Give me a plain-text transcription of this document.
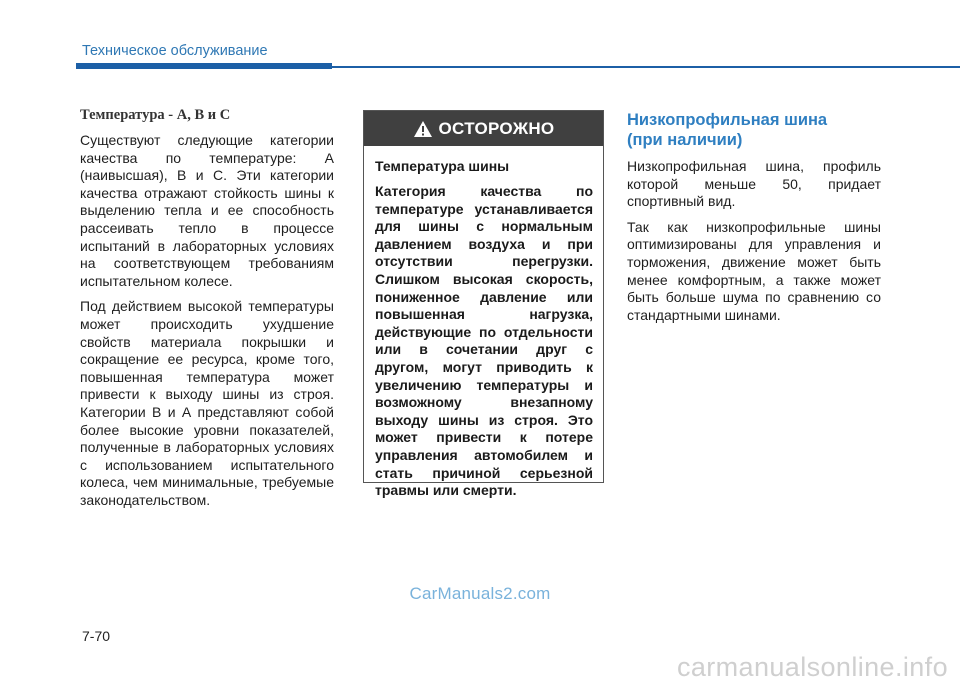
Техническое обслуживание

Температура - А, В и С

Существуют следующие категории качества по температуре: А (наивысшая), В и С. Эти категории качества отражают стойкость шины к выделению тепла и ее способность рассеивать тепло в процессе испытаний в лабораторных условиях на соответствующем требованиям испытательном колесе.

Под действием высокой температуры может происходить ухудшение свойств материала покрышки и сокращение ее ресурса, кроме того, повышенная температура может привести к выходу шины из строя. Категории В и А представляют собой более высокие уровни показателей, полученные в лабораторных условиях с использованием испытательного колеса, чем минимальные, требуемые законодательством.

ОСТОРОЖНО

Температура шины

Категория качества по температуре устанавливается для шины с нормальным давлением воздуха и при отсутствии перегрузки. Слишком высокая скорость, пониженное давление или повышенная нагрузка, действующие по отдельности или в сочетании друг с другом, могут приводить к увеличению температуры и возможному внезапному выходу шины из строя. Это может привести к потере управления автомобилем и стать причиной серьезной травмы или смерти.

Низкопрофильная шина
(при наличии)

Низкопрофильная шина, профиль которой меньше 50, придает спортивный вид.

Так как низкопрофильные шины оптимизированы для управления и торможения, движение может быть менее комфортным, а также может быть больше шума по сравнению со стандартными шинами.

CarManuals2.com
7-70
carmanualsonline.info
